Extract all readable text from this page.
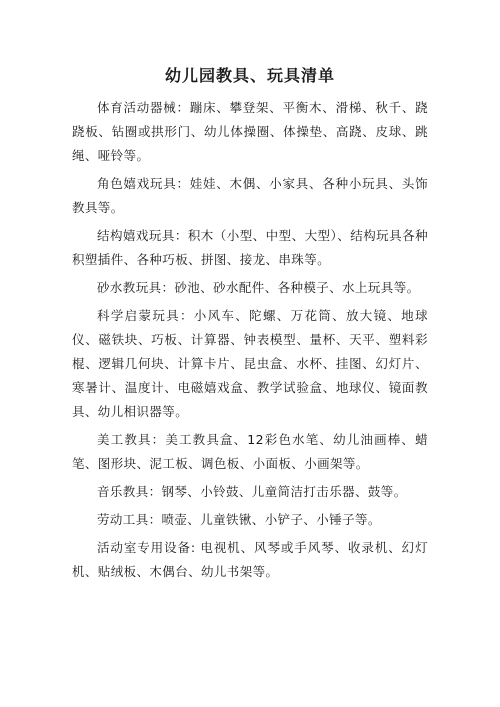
幼儿园教具、玩具清单

体育活动器械：蹦床、攀登架、平衡木、滑梯、秋千、跷跷板、钻圈或拱形门、幼儿体操圈、体操垫、高跷、皮球、跳绳、哑铃等。

角色嬉戏玩具：娃娃、木偶、小家具、各种小玩具、头饰教具等。

结构嬉戏玩具：积木（小型、中型、大型）、结构玩具各种积塑插件、各种巧板、拼图、接龙、串珠等。

砂水教玩具：砂池、砂水配件、各种模子、水上玩具等。

科学启蒙玩具：小风车、陀螺、万花筒、放大镜、地球仪、磁铁块、巧板、计算器、钟表模型、量杯、天平、塑料彩棍、逻辑几何块、计算卡片、昆虫盒、水杯、挂图、幻灯片、寒暑计、温度计、电磁嬉戏盒、教学试验盒、地球仪、镜面教具、幼儿相识器等。

美工教具：美工教具盒、12彩色水笔、幼儿油画棒、蜡笔、图形块、泥工板、调色板、小面板、小画架等。

音乐教具：钢琴、小铃鼓、儿童简洁打击乐器、鼓等。

劳动工具：喷壶、儿童铁锹、小铲子、小锤子等。

活动室专用设备: 电视机、风琴或手风琴、收录机、幻灯机、贴绒板、木偶台、幼儿书架等。
